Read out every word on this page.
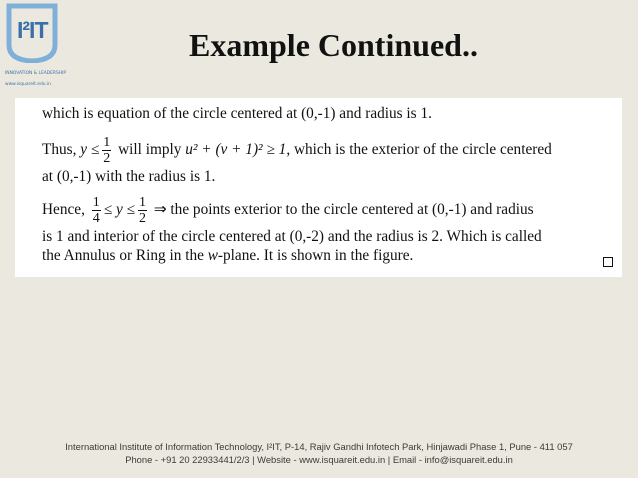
I²IT
INNOVATION & LEADERSHIP
www.isquareit.edu.in
Example Continued..
which is equation of the circle centered at (0,-1) and radius is 1.
Thus, $y \le \frac{1}{2}$ will imply u² + (v + 1)² ≥ 1, which is the exterior of the circle centered
at (0,-1) with the radius is 1.
Hence, $\frac{1}{4} \le y \le \frac{1}{2}$ ⇒ the points exterior to the circle centered at (0,-1) and radius
is 1 and interior of the circle centered at (0,-2) and the radius is 2. Which is called
the Annulus or Ring in the w-plane. It is shown in the figure.
International Institute of Information Technology, I²IT, P-14, Rajiv Gandhi Infotech Park, Hinjawadi Phase 1, Pune - 411 057
Phone - +91 20 22933441/2/3 | Website - www.isquareit.edu.in | Email - info@isquareit.edu.in
